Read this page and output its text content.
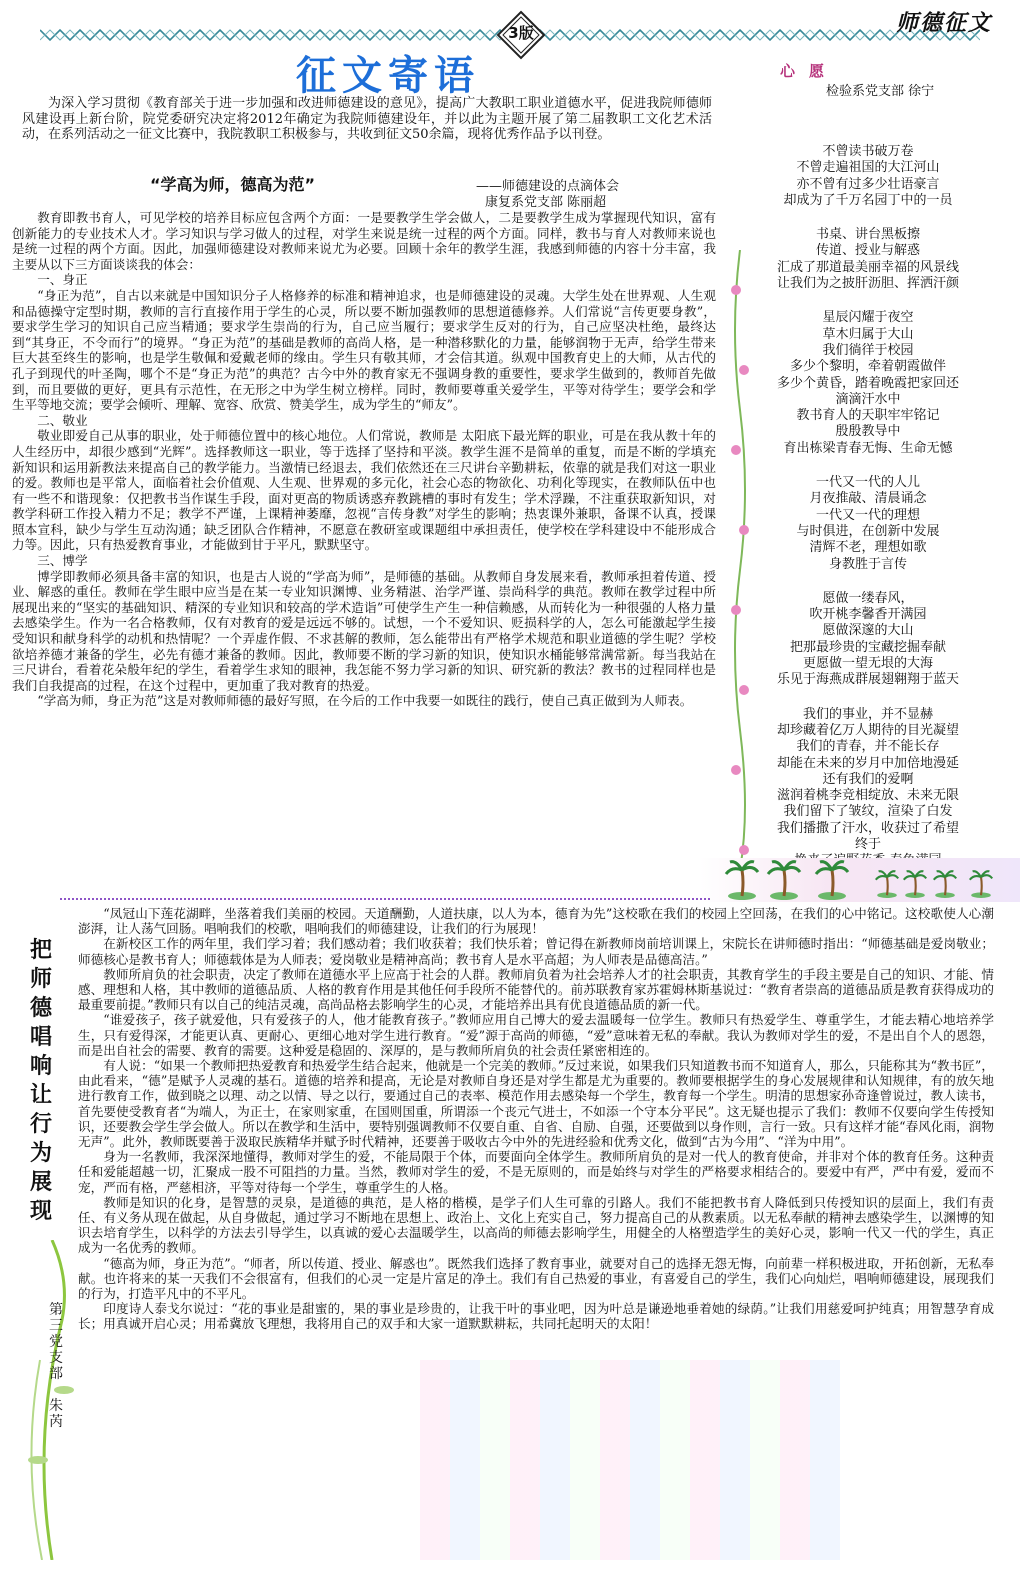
3版	师德征文
征文寄语
为深入学习贯彻《教育部关于进一步加强和改进师德建设的意见》，提高广大教职工职业道德水平，促进我院师德师风建设再上新台阶，院党委研究决定将2012年确定为我院师德建设年，并以此为主题开展了第二届教职工文化艺术活动，在系列活动之一征文比赛中，我院教职工积极参与，共收到征文50余篇，现将优秀作品予以刊登。
“学高为师，德高为范”	——师德建设的点滴体会
康复系党支部 陈丽超

教育即教书育人，可见学校的培养目标应包含两个方面：一是要教学生学会做人，二是要教学生成为掌握现代知识，富有创新能力的专业技术人才。学习知识与学习做人的过程，对学生来说是统一过程的两个方面。同样，教书与育人对教师来说也是统一过程的两个方面。因此，加强师德建设对教师来说尤为必要。回顾十余年的教学生涯，我感到师德的内容十分丰富，我主要从以下三方面谈谈我的体会：

一、身正

“身正为范”，自古以来就是中国知识分子人格修养的标准和精神追求，也是师德建设的灵魂。大学生处在世界观、人生观和品德操守定型时期，教师的言行直接作用于学生的心灵，所以要不断加强教师的思想道德修养。人们常说“言传更要身教”，要求学生学习的知识自己应当精通；要求学生崇尚的行为，自己应当履行；要求学生反对的行为，自己应坚决杜绝，最终达到“其身正，不令而行”的境界。“身正为范”的基础是教师的高尚人格，是一种潜移默化的力量，能够润物于无声，给学生带来巨大甚至终生的影响，也是学生敬佩和爱戴老师的缘由。学生只有敬其师，才会信其道。纵观中国教育史上的大师，从古代的孔子到现代的叶圣陶，哪个不是“身正为范”的典范？古今中外的教育家无不强调身教的重要性，要求学生做到的，教师首先做到，而且要做的更好，更具有示范性，在无形之中为学生树立榜样。同时，教师要尊重关爱学生，平等对待学生；要学会和学生平等地交流；要学会倾听、理解、宽容、欣赏、赞美学生，成为学生的“师友”。

二、敬业

敬业即爱自己从事的职业，处于师德位置中的核心地位。人们常说，教师是 太阳底下最光辉的职业，可是在我从教十年的人生经历中，却很少感到“光辉”。选择教师这一职业，等于选择了坚持和平淡。教学生涯不是简单的重复，而是不断的学填充新知识和运用新教法来提高自己的教学能力。当激情已经退去，我们依然还在三尺讲台辛勤耕耘，依靠的就是我们对这一职业的爱。教师也是平常人，面临着社会价值观、人生观、世界观的多元化，社会心态的物欲化、功利化等现实，在教师队伍中也有一些不和谐现象：仅把教书当作谋生手段，面对更高的物质诱惑弃教跳槽的事时有发生；学术浮躁，不注重获取新知识，对教学科研工作投入精力不足；教学不严谨，上课精神萎靡，忽视“言传身教”对学生的影响；热衷课外兼职，备课不认真，授课照本宣科，缺少与学生互动沟通；缺乏团队合作精神，不愿意在教研室或课题组中承担责任，使学校在学科建设中不能形成合力等。因此，只有热爱教育事业，才能做到甘于平凡，默默坚守。

三、博学

博学即教师必须具备丰富的知识，也是古人说的“学高为师”，是师德的基础。从教师自身发展来看，教师承担着传道、授业、解惑的重任。教师在学生眼中应当是在某一专业知识渊博、业务精湛、治学严谨、崇尚科学的典范。教师在教学过程中所展现出来的“坚实的基础知识、精深的专业知识和较高的学术造诣”可使学生产生一种信赖感，从而转化为一种很强的人格力量去感染学生。作为一名合格教师，仅有对教育的爱是远远不够的。试想，一个不爱知识、贬损科学的人，怎么可能激起学生接受知识和献身科学的动机和热情呢？一个弄虚作假、不求甚解的教师，怎么能带出有严格学术规范和职业道德的学生呢？学校欲培养德才兼备的学生，必先有德才兼备的教师。因此，教师要不断的学习新的知识，使知识水桶能够常满常新。每当我站在三尺讲台，看着花朵般年纪的学生，看着学生求知的眼神，我怎能不努力学习新的知识、研究新的教法？教书的过程同样也是我们自我提高的过程，在这个过程中，更加重了我对教育的热爱。

“学高为师，身正为范”这是对教师师德的最好写照，在今后的工作中我要一如既往的践行，使自己真正做到为人师表。

心愿
检验系党支部 徐宁
不曾读书破万卷
不曾走遍祖国的大江河山
亦不曾有过多少壮语豪言
却成为了千万名园丁中的一员
书桌、讲台黑板擦
传道、授业与解惑
汇成了那道最美丽幸福的风景线
让我们为之披肝沥胆、挥洒汗颜
星辰闪耀于夜空
草木归属于大山
我们徜徉于校园
多少个黎明，牵着朝霞做伴
多少个黄昏，踏着晚霞把家回还
滴滴汗水中
教书育人的天职牢牢铭记
殷殷教导中
育出栋梁青春无悔、生命无憾
一代又一代的人儿
月夜推敲、清晨诵念
一代又一代的理想
与时俱进，在创新中发展
清辉不老，理想如歌
身教胜于言传
愿做一缕春风，
吹开桃李馨香开满园
愿做深邃的大山
把那最珍贵的宝藏挖掘奉献
更愿做一望无垠的大海
乐见于海燕成群展翅翱翔于蓝天
我们的事业，并不显赫
却珍藏着亿万人期待的目光凝望
我们的青春，并不能长存
却能在未来的岁月中加倍地漫延
还有我们的爱啊
滋润着桃李竞相绽放、未来无限
我们留下了皱纹，渲染了白发
我们播撒了汗水，收获过了希望
终于
把
师
德
唱
响
让
行
为
展
现
第
三
党
支
部

朱
芮

“凤冠山下莲花湖畔，坐落着我们美丽的校园。天道酬勤，人道扶康，以人为本，德育为先”这校歌在我们的校园上空回荡，在我们的心中铭记。这校歌使人心潮澎湃，让人荡气回肠。唱响我们的校歌，唱响我们的师德建设，让我们的行为展现！

在新校区工作的两年里，我们学习着；我们感动着；我们收获着；我们快乐着；曾记得在新教师岗前培训课上，宋院长在讲师德时指出：“师德基础是爱岗敬业；师德核心是教书育人；师德载体是为人师表；爱岗敬业是精神高尚；教书育人是水平高超；为人师表是品德高洁。”

教师所肩负的社会职责，决定了教师在道德水平上应高于社会的人群。教师肩负着为社会培养人才的社会职责，其教育学生的手段主要是自己的知识、才能、情感、理想和人格，其中教师的道德品质、人格的教育作用是其他任何手段所不能替代的。前苏联教育家苏霍姆林斯基说过：“教育者崇高的道德品质是教育获得成功的最重要前提。”教师只有以自己的纯洁灵魂，高尚品格去影响学生的心灵，才能培养出具有优良道德品质的新一代。

“谁爱孩子，孩子就爱他，只有爱孩子的人，他才能教育孩子。”教师应用自己博大的爱去温暖每一位学生。教师只有热爱学生、尊重学生，才能去精心地培养学生，只有爱得深，才能更认真、更耐心、更细心地对学生进行教育。“爱”源于高尚的师德，“爱”意味着无私的奉献。我认为教师对学生的爱，不是出自个人的恩怨，而是出自社会的需要、教育的需要。这种爱是稳固的、深厚的，是与教师所肩负的社会责任紧密相连的。

有人说：“如果一个教师把热爱教育和热爱学生结合起来，他就是一个完美的教师。”反过来说，如果我们只知道教书而不知道育人，那么，只能称其为“教书匠”，由此看来，“德”是赋予人灵魂的基石。道德的培养和提高，无论是对教师自身还是对学生都是尤为重要的。教师要根据学生的身心发展规律和认知规律，有的放矢地进行教育工作，做到晓之以理、动之以情、导之以行，要通过自己的表率、模范作用去感染每一个学生，教育每一个学生。明清的思想家孙奇逢曾说过，教人读书，首先要使受教育者“为端人，为正士，在家则家重，在国则国重，所谓添一个丧元气进士，不如添一个守本分平民”。这无疑也提示了我们：教师不仅要向学生传授知识，还要教会学生学会做人。所以在教学和生活中，要特别强调教师不仅要自重、自省、自励、自强，还要做到以身作则，言行一致。只有这样才能“春风化雨，润物无声”。此外，教师既要善于汲取民族精华并赋予时代精神，还要善于吸收古今中外的先进经验和优秀文化，做到“古为今用”、“洋为中用”。

身为一名教师，我深深地懂得，教师对学生的爱，不能局限于个体，而要面向全体学生。教师所肩负的是对一代人的教育使命，并非对个体的教育任务。这种责任和爱能超越一切，汇聚成一股不可阻挡的力量。当然，教师对学生的爱，不是无原则的，而是始终与对学生的严格要求相结合的。要爱中有严，严中有爱，爱而不宠，严而有格，严慈相济，平等对待每一个学生，尊重学生的人格。

教师是知识的化身，是智慧的灵泉，是道德的典范，是人格的楷模，是学子们人生可靠的引路人。我们不能把教书育人降低到只传授知识的层面上，我们有责任、有义务从现在做起，从自身做起，通过学习不断地在思想上、政治上、文化上充实自己，努力提高自己的从教素质。以无私奉献的精神去感染学生，以渊博的知识去培育学生，以科学的方法去引导学生，以真诚的爱心去温暖学生，以高尚的师德去影响学生，用健全的人格塑造学生的美好心灵，影响一代又一代的学生，真正成为一名优秀的教师。

“德高为师，身正为范”。“师者，所以传道、授业、解惑也”。既然我们选择了教育事业，就要对自己的选择无怨无悔，向前辈一样积极进取，开拓创新，无私奉献。也许将来的某一天我们不会很富有，但我们的心灵一定是片富足的净土。我们有自己热爱的事业，有喜爱自己的学生，我们心向灿烂，唱响师德建设，展现我们的行为，打造平凡中的不平凡。

印度诗人泰戈尔说过：“花的事业是甜蜜的，果的事业是珍贵的，让我干叶的事业吧，因为叶总是谦逊地垂着她的绿荫。”让我们用慈爱呵护纯真；用智慧孕育成长；用真诚开启心灵；用希冀放飞理想，我将用自己的双手和大家一道默默耕耘，共同托起明天的太阳！
